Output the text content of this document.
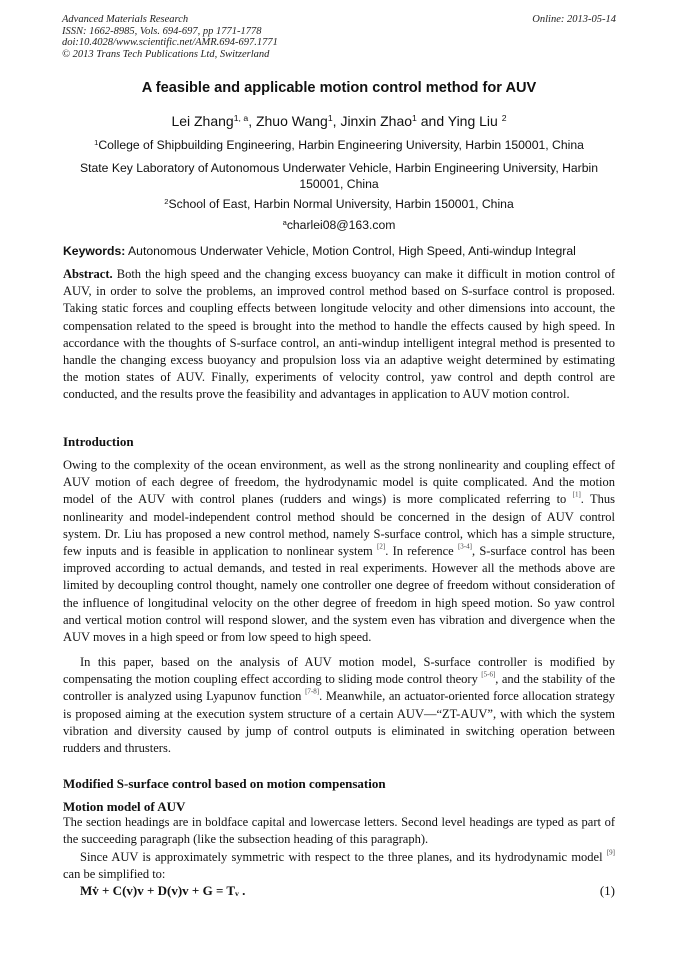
Advanced Materials Research
ISSN: 1662-8985, Vols. 694-697, pp 1771-1778
doi:10.4028/www.scientific.net/AMR.694-697.1771
© 2013 Trans Tech Publications Ltd, Switzerland
Online: 2013-05-14
A feasible and applicable motion control method for AUV
Lei Zhang$^{1, a}$, Zhuo Wang$^1$, Jinxin Zhao$^1$ and Ying Liu $^2$
$^1$College of Shipbuilding Engineering, Harbin Engineering University, Harbin 150001, China
State Key Laboratory of Autonomous Underwater Vehicle, Harbin Engineering University, Harbin 150001, China
$^2$School of East, Harbin Normal University, Harbin 150001, China
$^a$charlei08@163.com
Keywords: Autonomous Underwater Vehicle, Motion Control, High Speed, Anti-windup Integral

Abstract. Both the high speed and the changing excess buoyancy can make it difficult in motion control of AUV, in order to solve the problems, an improved control method based on S-surface control is proposed. Taking static forces and coupling effects between longitude velocity and other dimensions into account, the compensation related to the speed is brought into the method to handle the effects caused by high speed. In accordance with the thoughts of S-surface control, an anti-windup intelligent integral method is presented to handle the changing excess buoyancy and propulsion loss via an adaptive weight determined by estimating the motion states of AUV. Finally, experiments of velocity control, yaw control and depth control are conducted, and the results prove the feasibility and advantages in application to AUV motion control.

Introduction

Owing to the complexity of the ocean environment, as well as the strong nonlinearity and coupling effect of AUV motion of each degree of freedom, the hydrodynamic model is quite complicated. And the motion model of the AUV with control planes (rudders and wings) is more complicated referring to [1]. Thus nonlinearity and model-independent control method should be concerned in the design of AUV control system. Dr. Liu has proposed a new control method, namely S-surface control, which has a simple structure, few inputs and is feasible in application to nonlinear system [2]. In reference [3-4], S-surface control has been improved according to actual demands, and tested in real experiments. However all the methods above are limited by decoupling control thought, namely one controller one degree of freedom without consideration of the influence of longitudinal velocity on the other degree of freedom in high speed motion. So yaw control and vertical motion control will respond slower, and the system even has vibration and divergence when the AUV moves in a high speed or from low speed to high speed.

In this paper, based on the analysis of AUV motion model, S-surface controller is modified by compensating the motion coupling effect according to sliding mode control theory [5-6], and the stability of the controller is analyzed using Lyapunov function [7-8]. Meanwhile, an actuator-oriented force allocation strategy is proposed aiming at the execution system structure of a certain AUV—“ZT-AUV”, with which the system vibration and diversity caused by jump of control outputs is eliminated in switching operation between rudders and thrusters.

Modified S-surface control based on motion compensation
Motion model of AUV

The section headings are in boldface capital and lowercase letters. Second level headings are typed as part of the succeeding paragraph (like the subsection heading of this paragraph).

Since AUV is approximately symmetric with respect to the three planes, and its hydrodynamic model [9] can be simplified to:

Mv̇ + C(v)v + D(v)v + G = Tᵥ .	(1)
